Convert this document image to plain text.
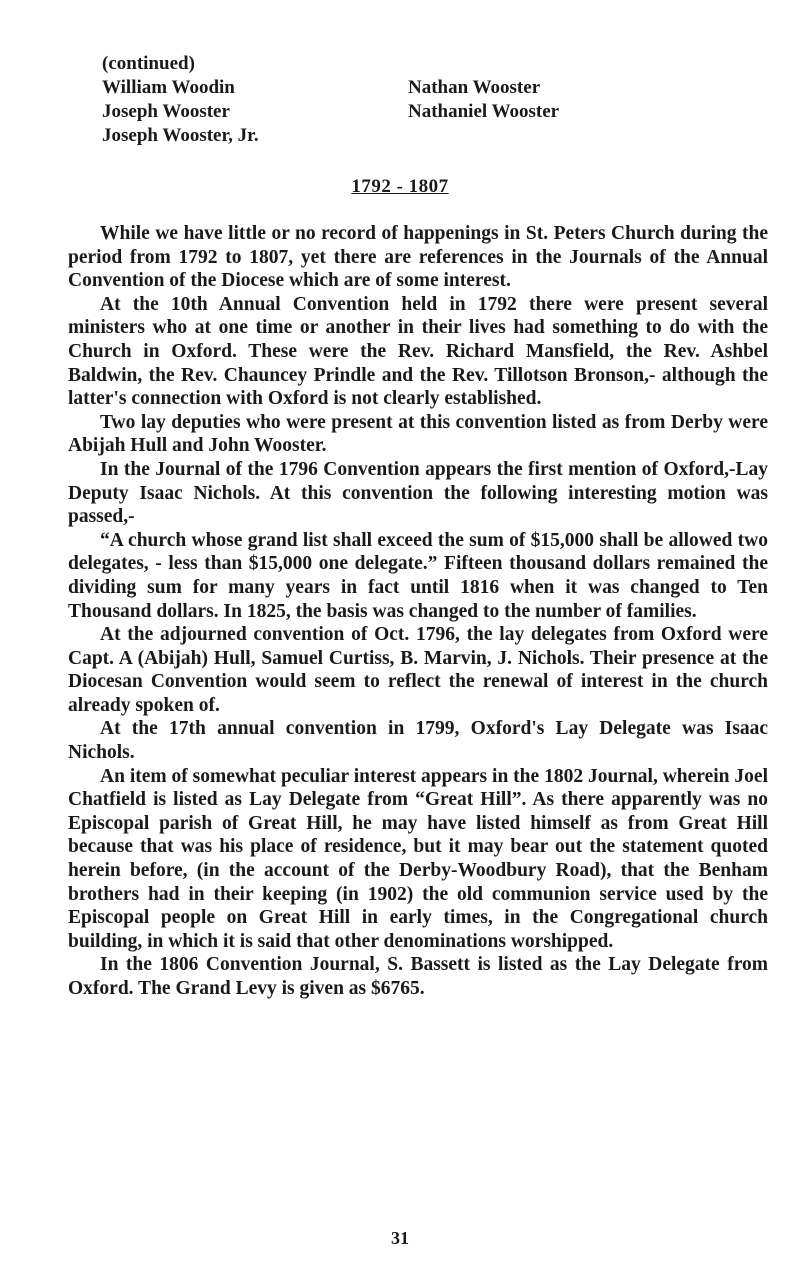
(continued)
William Woodin
Joseph Wooster
Joseph Wooster, Jr.
Nathan Wooster
Nathaniel Wooster
1792 - 1807

While we have little or no record of happenings in St. Peters Church during the period from 1792 to 1807, yet there are references in the Journals of the Annual Convention of the Diocese which are of some interest.

At the 10th Annual Convention held in 1792 there were present several ministers who at one time or another in their lives had something to do with the Church in Oxford. These were the Rev. Richard Mansfield, the Rev. Ashbel Baldwin, the Rev. Chauncey Prindle and the Rev. Tillotson Bronson,- although the latter's connection with Oxford is not clearly established.

Two lay deputies who were present at this convention listed as from Derby were Abijah Hull and John Wooster.

In the Journal of the 1796 Convention appears the first mention of Oxford,-Lay Deputy Isaac Nichols. At this convention the following interesting motion was passed,-

“A church whose grand list shall exceed the sum of $15,000 shall be allowed two delegates, - less than $15,000 one delegate.” Fifteen thousand dollars remained the dividing sum for many years in fact until 1816 when it was changed to Ten Thousand dollars. In 1825, the basis was changed to the number of families.

At the adjourned convention of Oct. 1796, the lay delegates from Oxford were Capt. A (Abijah) Hull, Samuel Curtiss, B. Marvin, J. Nichols. Their presence at the Diocesan Convention would seem to reflect the renewal of interest in the church already spoken of.

At the 17th annual convention in 1799, Oxford's Lay Delegate was Isaac Nichols.

An item of somewhat peculiar interest appears in the 1802 Journal, wherein Joel Chatfield is listed as Lay Delegate from “Great Hill”. As there apparently was no Episcopal parish of Great Hill, he may have listed himself as from Great Hill because that was his place of residence, but it may bear out the statement quoted herein before, (in the account of the Derby-Woodbury Road), that the Benham brothers had in their keeping (in 1902) the old communion service used by the Episcopal people on Great Hill in early times, in the Congregational church building, in which it is said that other denominations worshipped.

In the 1806 Convention Journal, S. Bassett is listed as the Lay Delegate from Oxford. The Grand Levy is given as $6765.

31
